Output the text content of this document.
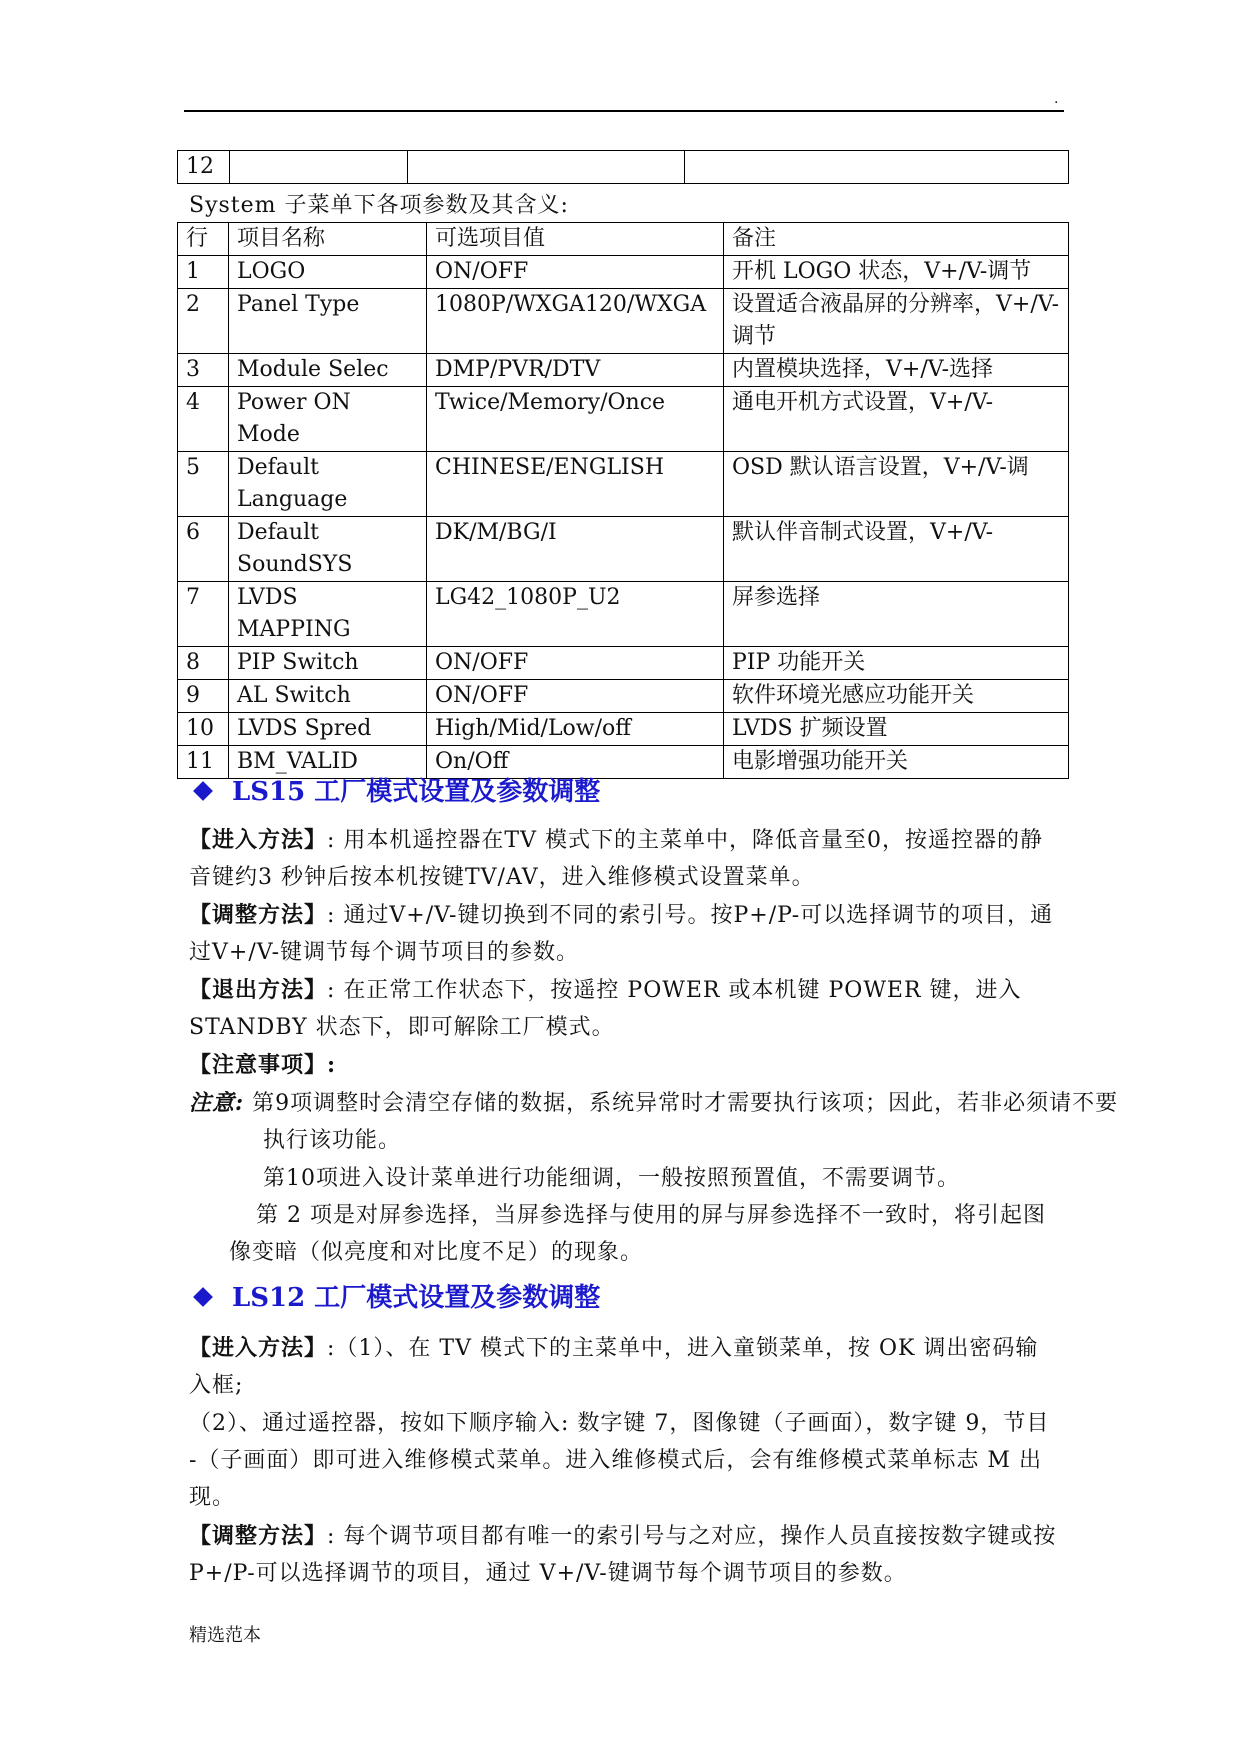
.
12			
System 子菜单下各项参数及其含义:
行	项目名称	可选项目值	备注
1	LOGO	ON/OFF	开机 LOGO 状态，V+/V-调节
2	Panel Type	1080P/WXGA120/WXGA	设置适合液晶屏的分辨率，V+/V-调节
3	Module Selec	DMP/PVR/DTV	内置模块选择，V+/V-选择
4	Power ON Mode	Twice/Memory/Once	通电开机方式设置，V+/V-
5	Default Language	CHINESE/ENGLISH	OSD 默认语言设置，V+/V-调
6	Default SoundSYS	DK/M/BG/I	默认伴音制式设置，V+/V-
7	LVDS MAPPING	LG42_1080P_U2	屏参选择
8	PIP Switch	ON/OFF	PIP 功能开关
9	AL Switch	ON/OFF	软件环境光感应功能开关
10	LVDS Spred	High/Mid/Low/off	LVDS 扩频设置
11	BM_VALID	On/Off	电影增强功能开关
LS15 工厂模式设置及参数调整
【进入方法】: 用本机遥控器在TV 模式下的主菜单中，降低音量至0，按遥控器的静音键约3 秒钟后按本机按键TV/AV，进入维修模式设置菜单。
【调整方法】: 通过V+/V-键切换到不同的索引号。按P+/P-可以选择调节的项目，通过V+/V-键调节每个调节项目的参数。
【退出方法】: 在正常工作状态下，按遥控 POWER 或本机键 POWER 键，进入STANDBY 状态下，即可解除工厂模式。
【注意事项】:
注意: 第9项调整时会清空存储的数据，系统异常时才需要执行该项；因此，若非必须请不要执行该功能。
第10项进入设计菜单进行功能细调，一般按照预置值，不需要调节。
第 2 项是对屏参选择，当屏参选择与使用的屏与屏参选择不一致时，将引起图像变暗（似亮度和对比度不足）的现象。
LS12 工厂模式设置及参数调整
【进入方法】:（1）、在 TV 模式下的主菜单中，进入童锁菜单，按 OK 调出密码输入框;
（2）、通过遥控器，按如下顺序输入: 数字键 7，图像键（子画面），数字键 9，节目 -（子画面）即可进入维修模式菜单。进入维修模式后，会有维修模式菜单标志 M 出现。
【调整方法】: 每个调节项目都有唯一的索引号与之对应，操作人员直接按数字键或按 P+/P-可以选择调节的项目，通过 V+/V-键调节每个调节项目的参数。
精选范本
